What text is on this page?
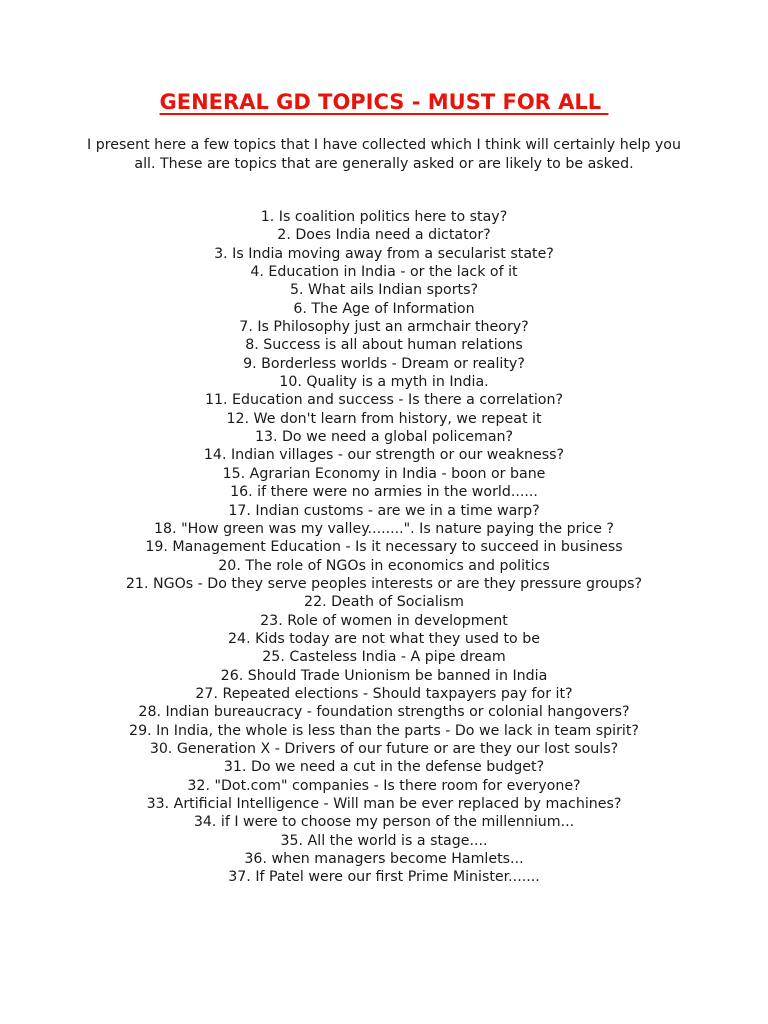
GENERAL GD TOPICS - MUST FOR ALL
I present here a few topics that I have collected which I think will certainly help you all. These are topics that are generally asked or are likely to be asked.
1. Is coalition politics here to stay?
2. Does India need a dictator?
3. Is India moving away from a secularist state?
4. Education in India - or the lack of it
5. What ails Indian sports?
6. The Age of Information
7. Is Philosophy just an armchair theory?
8. Success is all about human relations
9. Borderless worlds - Dream or reality?
10. Quality is a myth in India.
11. Education and success - Is there a correlation?
12. We don't learn from history, we repeat it
13. Do we need a global policeman?
14. Indian villages - our strength or our weakness?
15. Agrarian Economy in India - boon or bane
16. if there were no armies in the world......
17. Indian customs - are we in a time warp?
18. "How green was my valley........". Is nature paying the price ?
19. Management Education - Is it necessary to succeed in business
20. The role of NGOs in economics and politics
21. NGOs - Do they serve peoples interests or are they pressure groups?
22. Death of Socialism
23. Role of women in development
24. Kids today are not what they used to be
25. Casteless India - A pipe dream
26. Should Trade Unionism be banned in India
27. Repeated elections - Should taxpayers pay for it?
28. Indian bureaucracy - foundation strengths or colonial hangovers?
29. In India, the whole is less than the parts - Do we lack in team spirit?
30. Generation X - Drivers of our future or are they our lost souls?
31. Do we need a cut in the defense budget?
32. "Dot.com" companies - Is there room for everyone?
33. Artificial Intelligence - Will man be ever replaced by machines?
34. if I were to choose my person of the millennium...
35. All the world is a stage....
36. when managers become Hamlets...
37. If Patel were our first Prime Minister.......
